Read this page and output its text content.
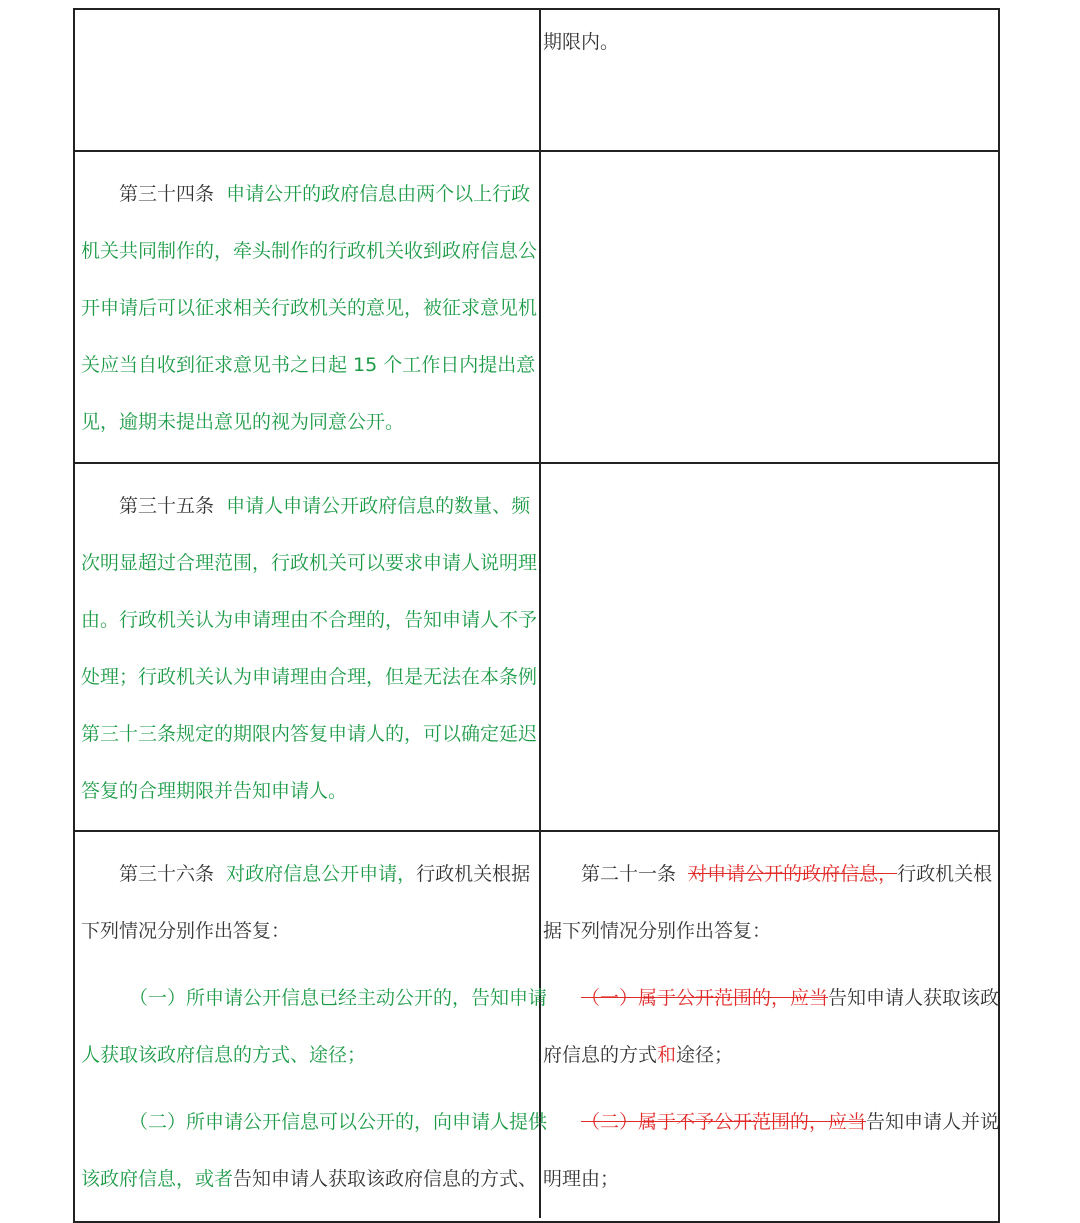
期限内。
第三十四条 申请公开的政府信息由两个以上行政
机关共同制作的，牵头制作的行政机关收到政府信息公
开申请后可以征求相关行政机关的意见，被征求意见机
关应当自收到征求意见书之日起 15 个工作日内提出意
见，逾期未提出意见的视为同意公开。
第三十五条 申请人申请公开政府信息的数量、频
次明显超过合理范围，行政机关可以要求申请人说明理
由。行政机关认为申请理由不合理的，告知申请人不予
处理；行政机关认为申请理由合理，但是无法在本条例
第三十三条规定的期限内答复申请人的，可以确定延迟
答复的合理期限并告知申请人。
第三十六条 对政府信息公开申请，行政机关根据
下列情况分别作出答复：
（一）所申请公开信息已经主动公开的，告知申请
人获取该政府信息的方式、途径；
（二）所申请公开信息可以公开的，向申请人提供
该政府信息，或者告知申请人获取该政府信息的方式、
第二十一条 对申请公开的政府信息，行政机关根
据下列情况分别作出答复：
（一）属于公开范围的，应当告知申请人获取该政
府信息的方式和途径；
（二）属于不予公开范围的，应当告知申请人并说
明理由；
